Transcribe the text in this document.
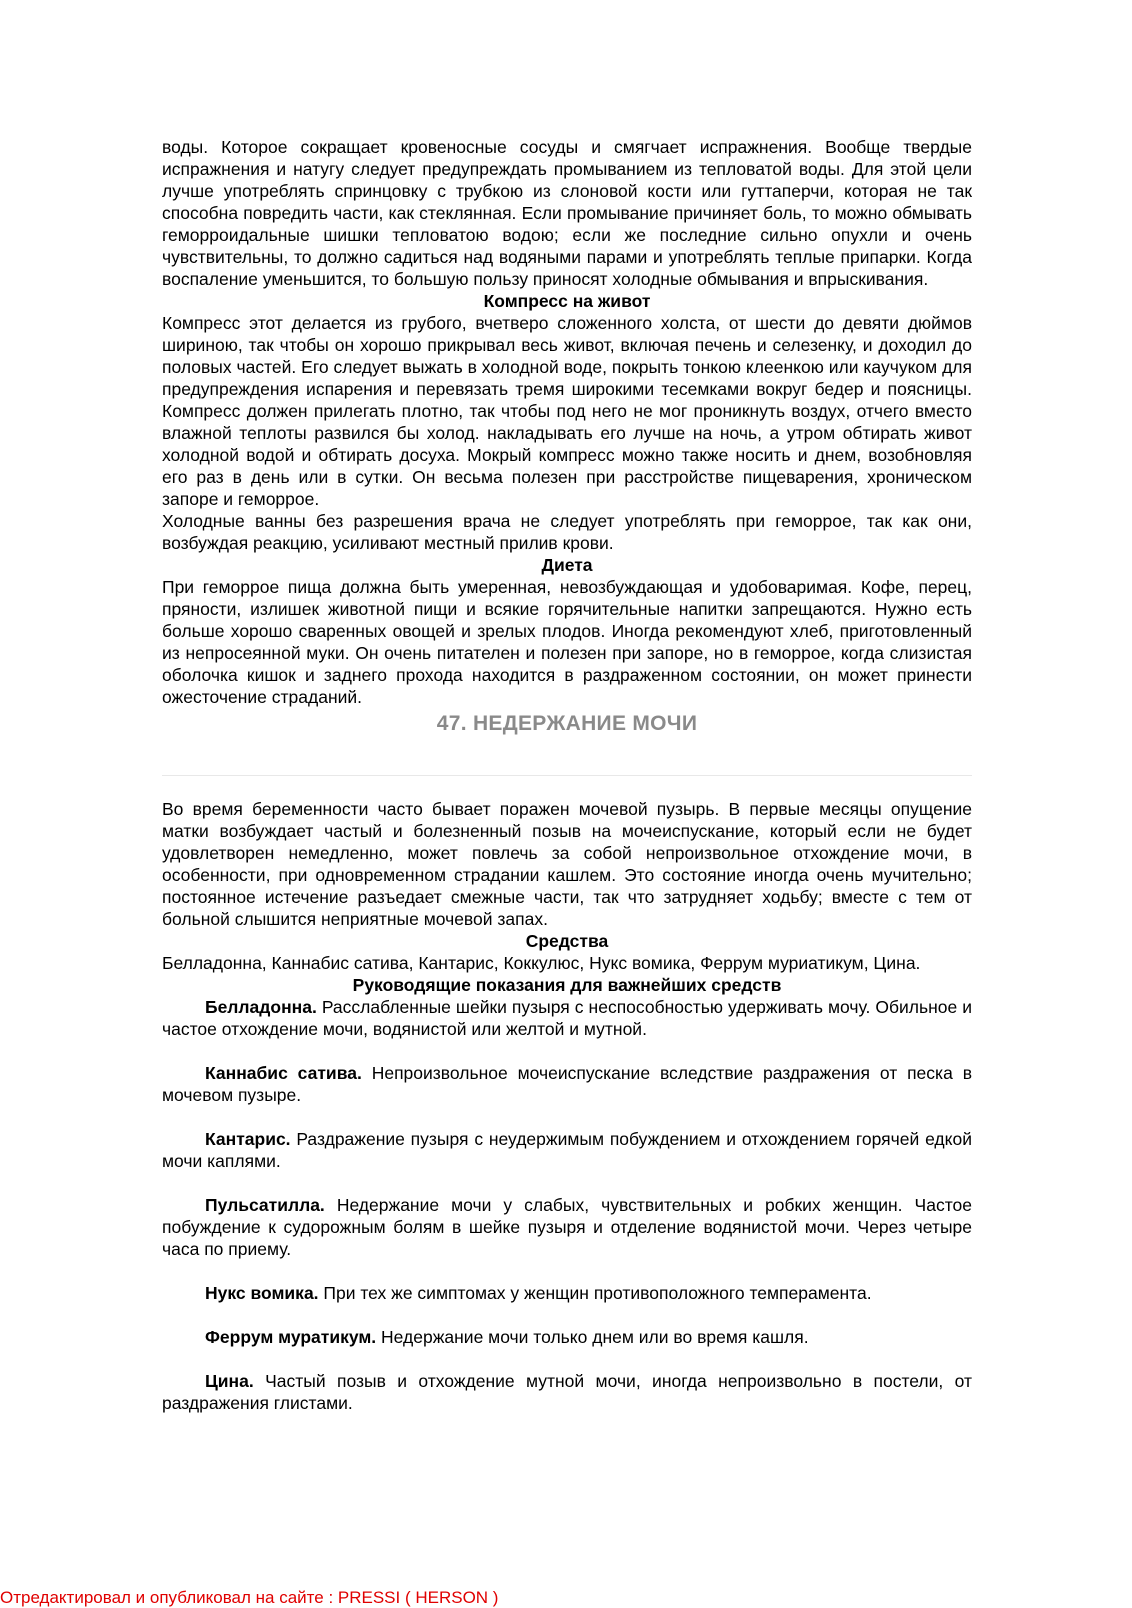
воды. Которое сокращает кровеносные сосуды и смягчает испражнения. Вообще твердые испражнения и натугу следует предупреждать промыванием из тепловатой воды. Для этой цели лучше употреблять спринцовку с трубкою из слоновой кости или гуттаперчи, которая не так способна повредить части, как стеклянная. Если промывание причиняет боль, то можно обмывать геморроидальные шишки тепловатою водою; если же последние сильно опухли и очень чувствительны, то должно садиться над водяными парами и употреблять теплые припарки. Когда воспаление уменьшится, то большую пользу приносят холодные обмывания и впрыскивания.

Компресс на живот

Компресс этот делается из грубого, вчетверо сложенного холста, от шести до девяти дюймов шириною, так чтобы он хорошо прикрывал весь живот, включая печень и селезенку, и доходил до половых частей. Его следует выжать в холодной воде, покрыть тонкою клеенкою или каучуком для предупреждения испарения и перевязать тремя широкими тесемками вокруг бедер и поясницы. Компресс должен прилегать плотно, так чтобы под него не мог проникнуть воздух, отчего вместо влажной теплоты развился бы холод. накладывать его лучше на ночь, а утром обтирать живот холодной водой и обтирать досуха. Мокрый компресс можно также носить и днем, возобновляя его раз в день или в сутки. Он весьма полезен при расстройстве пищеварения, хроническом запоре и геморрое.

Холодные ванны без разрешения врача не следует употреблять при геморрое, так как они, возбуждая реакцию, усиливают местный прилив крови.

Диета

При геморрое пища должна быть умеренная, невозбуждающая и удобоваримая. Кофе, перец, пряности, излишек животной пищи и всякие горячительные напитки запрещаются. Нужно есть больше хорошо сваренных овощей и зрелых плодов. Иногда рекомендуют хлеб, приготовленный из непросеянной муки. Он очень питателен и полезен при запоре, но в геморрое, когда слизистая оболочка кишок и заднего прохода находится в раздраженном состоянии, он может принести ожесточение страданий.

47. НЕДЕРЖАНИЕ МОЧИ

Во время беременности часто бывает поражен мочевой пузырь. В первые месяцы опущение матки возбуждает частый и болезненный позыв на мочеиспускание, который если не будет удовлетворен немедленно, может повлечь за собой непроизвольное отхождение мочи, в особенности, при одновременном страдании кашлем. Это состояние иногда очень мучительно; постоянное истечение разъедает смежные части, так что затрудняет ходьбу; вместе с тем от больной слышится неприятные мочевой запах.

Средства

Белладонна, Каннабис сатива, Кантарис, Коккулюс, Нукс вомика, Феррум муриатикум, Цина.

Руководящие показания для важнейших средств

Белладонна. Расслабленные шейки пузыря с неспособностью удерживать мочу. Обильное и частое отхождение мочи, водянистой или желтой и мутной.

Каннабис сатива. Непроизвольное мочеиспускание вследствие раздражения от песка в мочевом пузыре.

Кантарис. Раздражение пузыря с неудержимым побуждением и отхождением горячей едкой мочи каплями.

Пульсатилла. Недержание мочи у слабых, чувствительных и робких женщин. Частое побуждение к судорожным болям в шейке пузыря и отделение водянистой мочи. Через четыре часа по приему.

Нукс вомика. При тех же симптомах у женщин противоположного темперамента.

Феррум муратикум. Недержание мочи только днем или во время кашля.

Цина. Частый позыв и отхождение мутной мочи, иногда непроизвольно в постели, от раздражения глистами.

Отредактировал и опубликовал на сайте : PRESSI ( HERSON )
